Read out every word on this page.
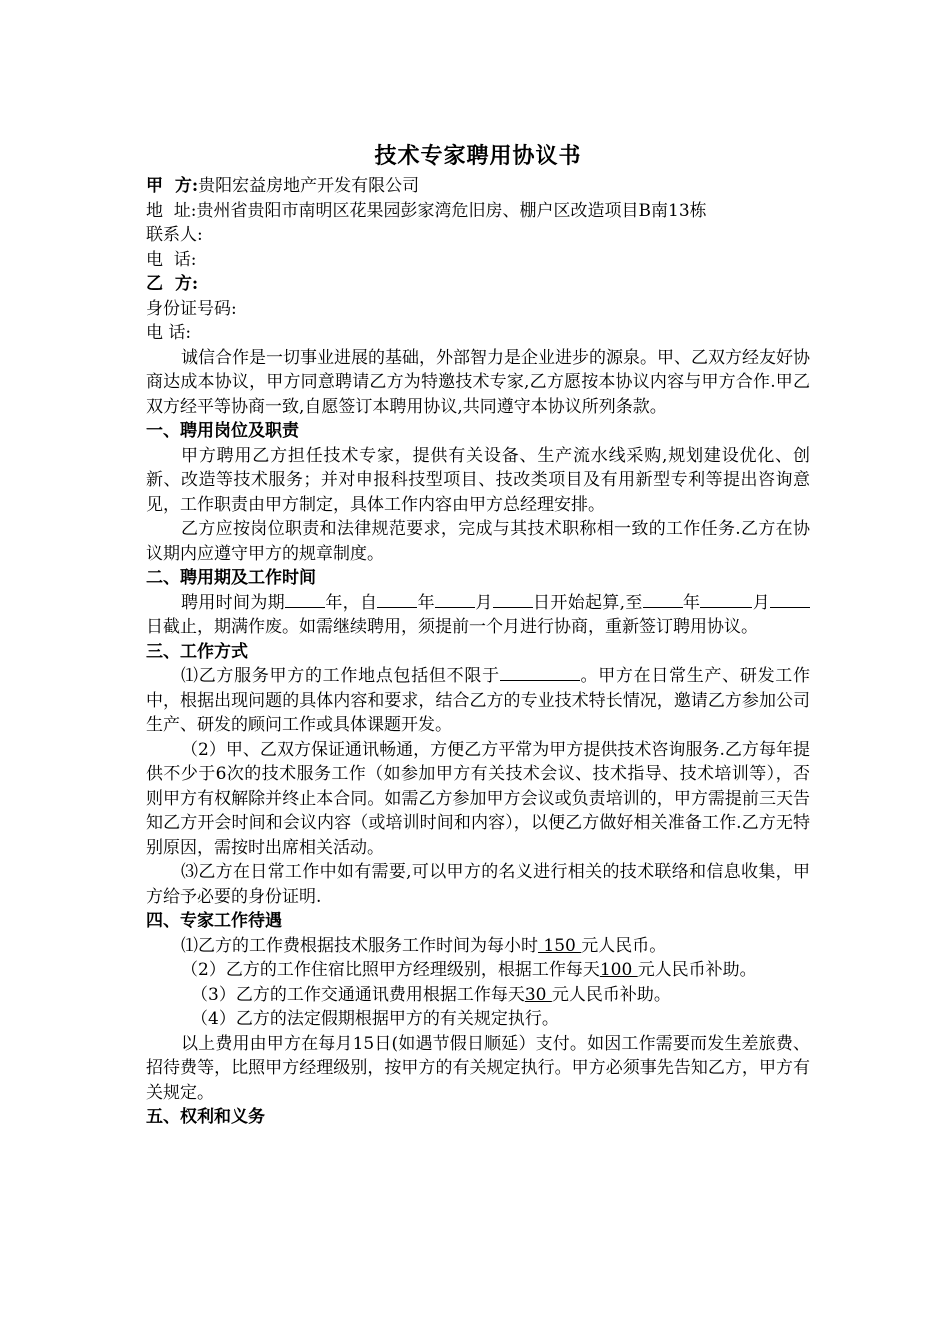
技术专家聘用协议书
甲  方:贵阳宏益房地产开发有限公司
地  址:贵州省贵阳市南明区花果园彭家湾危旧房、棚户区改造项目B南13栋
联系人:
电  话:
乙  方:
身份证号码:
电 话:
诚信合作是一切事业进展的基础，外部智力是企业进步的源泉。甲、乙双方经友好协商达成本协议，甲方同意聘请乙方为特邀技术专家,乙方愿按本协议内容与甲方合作.甲乙双方经平等协商一致,自愿签订本聘用协议,共同遵守本协议所列条款。
一、聘用岗位及职责
甲方聘用乙方担任技术专家，提供有关设备、生产流水线采购,规划建设优化、创新、改造等技术服务；并对申报科技型项目、技改类项目及有用新型专利等提出咨询意见，工作职责由甲方制定，具体工作内容由甲方总经理安排。
乙方应按岗位职责和法律规范要求，完成与其技术职称相一致的工作任务.乙方在协议期内应遵守甲方的规章制度。
二、聘用期及工作时间
聘用时间为期 年，自 年 月 日开始起算,至 年	月日截止，期满作废。如需继续聘用，须提前一个月进行协商，重新签订聘用协议。
三、工作方式
⑴乙方服务甲方的工作地点包括但不限于	。甲方在日常生产、研发工作中，根据出现问题的具体内容和要求，结合乙方的专业技术特长情况，邀请乙方参加公司生产、研发的顾问工作或具体课题开发。
（2）甲、乙双方保证通讯畅通，方便乙方平常为甲方提供技术咨询服务.乙方每年提供不少于6次的技术服务工作（如参加甲方有关技术会议、技术指导、技术培训等），否则甲方有权解除并终止本合同。如需乙方参加甲方会议或负责培训的，甲方需提前三天告知乙方开会时间和会议内容（或培训时间和内容），以便乙方做好相关准备工作.乙方无特别原因，需按时出席相关活动。
⑶乙方在日常工作中如有需要,可以甲方的名义进行相关的技术联络和信息收集，甲方给予必要的身份证明.
四、专家工作待遇
⑴乙方的工作费根据技术服务工作时间为每小时 150 元人民币。
（2）乙方的工作住宿比照甲方经理级别，根据工作每天100 元人民币补助。
（3）乙方的工作交通通讯费用根据工作每天30 元人民币补助。
（4）乙方的法定假期根据甲方的有关规定执行。
以上费用由甲方在每月15日(如遇节假日顺延）支付。如因工作需要而发生差旅费、招待费等，比照甲方经理级别，按甲方的有关规定执行。甲方必须事先告知乙方，甲方有关规定。
五、权利和义务
